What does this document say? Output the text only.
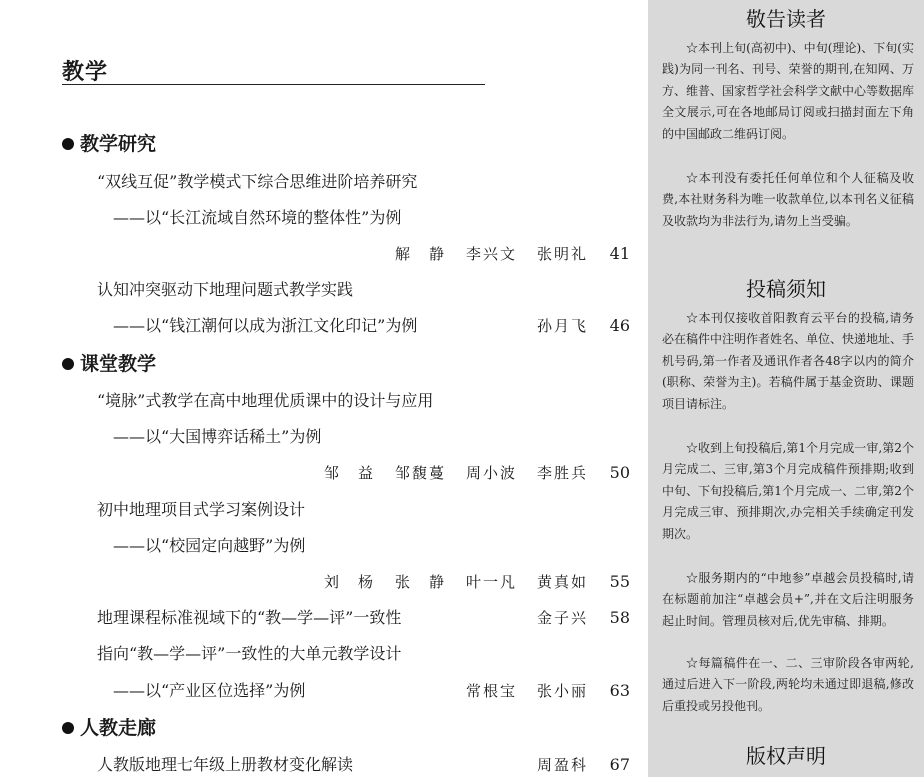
教学
教学研究
“双线互促”教学模式下综合思维进阶培养研究
——以“长江流域自然环境的整体性”为例
解　静 李兴文 张明礼	41
认知冲突驱动下地理问题式教学实践
——以“钱江潮何以成为浙江文化印记”为例	孙月飞	46
课堂教学
“境脉”式教学在高中地理优质课中的设计与应用
——以“大国博弈话稀土”为例
邹　益 邹馥蔓 周小波 李胜兵	50
初中地理项目式学习案例设计
——以“校园定向越野”为例
刘　杨 张　静 叶一凡 黄真如	55
地理课程标准视域下的“教—学—评”一致性	金子兴	58
指向“教—学—评”一致性的大单元教学设计
——以“产业区位选择”为例	常根宝 张小丽	63
人教走廊
人教版地理七年级上册教材变化解读	周盈科	67
敬告读者

☆本刊上旬(高初中)、中旬(理论)、下旬(实践)为同一刊名、刊号、荣誉的期刊,在知网、万方、维普、国家哲学社会科学文献中心等数据库全文展示,可在各地邮局订阅或扫描封面左下角的中国邮政二维码订阅。

☆本刊没有委托任何单位和个人征稿及收费,本社财务科为唯一收款单位,以本刊名义征稿及收款均为非法行为,请勿上当受骗。

投稿须知

☆本刊仅接收首阳教育云平台的投稿,请务必在稿件中注明作者姓名、单位、快递地址、手机号码,第一作者及通讯作者各48字以内的简介(职称、荣誉为主)。若稿件属于基金资助、课题项目请标注。

☆收到上旬投稿后,第1个月完成一审,第2个月完成二、三审,第3个月完成稿件预排期;收到中旬、下旬投稿后,第1个月完成一、二审,第2个月完成三审、预排期次,办完相关手续确定刊发期次。

☆服务期内的“中地参”卓越会员投稿时,请在标题前加注“卓越会员+”,并在文后注明服务起止时间。管理员核对后,优先审稿、排期。

☆每篇稿件在一、二、三审阶段各审两轮,通过后进入下一阶段,两轮均未通过即退稿,修改后重投或另投他刊。

版权声明
